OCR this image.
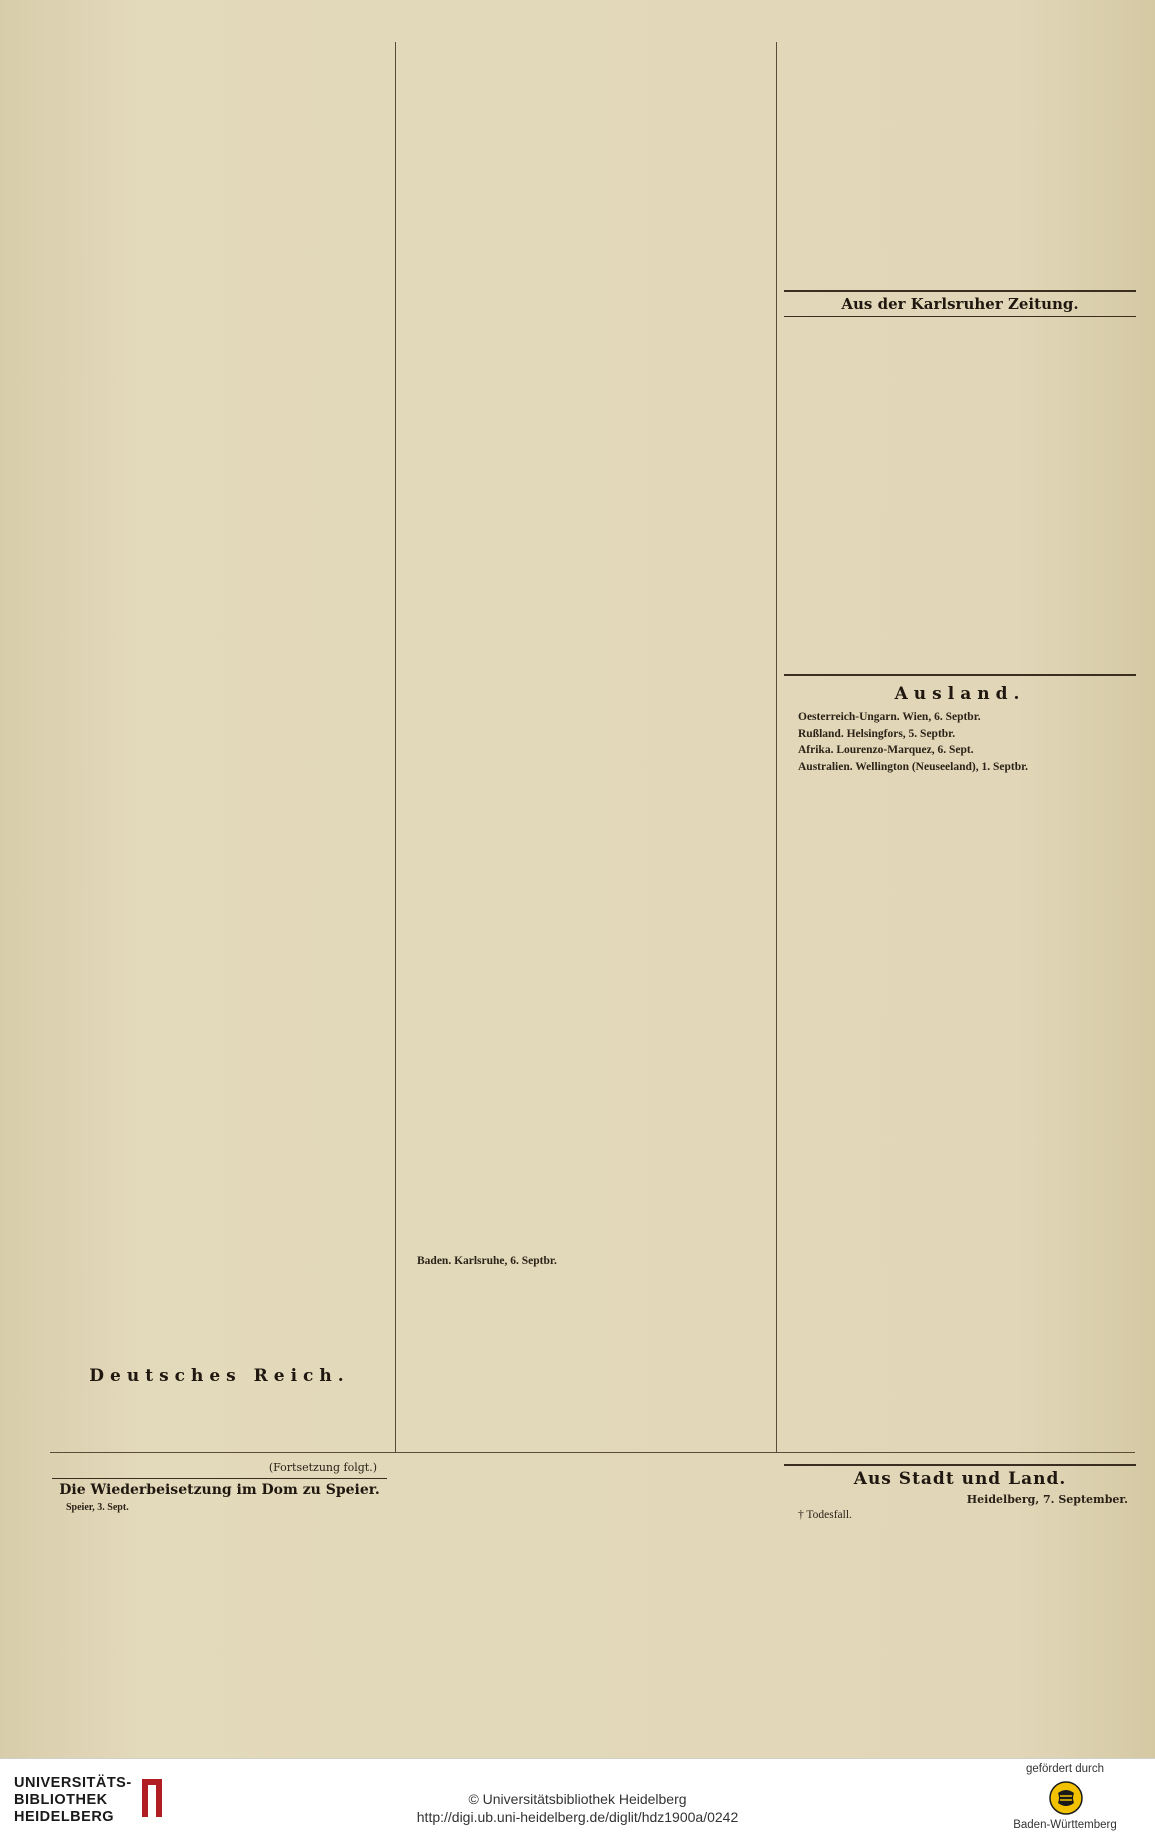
Deutsches Reich.

Baden. Karlsruhe, 6. Septbr.

Aus der Karlsruher Zeitung.

Ausland.

Oesterreich-Ungarn. Wien, 6. Septbr.

Rußland. Helsingfors, 5. Septbr.

Afrika. Lourenzo-Marquez, 6. Sept.

Australien. Wellington (Neuseeland), 1. Septbr.

(Fortsetzung folgt.)
Die Wiederbeisetzung im Dom zu Speier.

Speier, 3. Sept.

Aus Stadt und Land.
Heidelberg, 7. September.

† Todesfall.

UNIVERSITÄTS-
BIBLIOTHEK
HEIDELBERG
© Universitätsbibliothek Heidelberg
http://digi.ub.uni-heidelberg.de/diglit/hdz1900a/0242
gefördert durch
Baden-Württemberg
